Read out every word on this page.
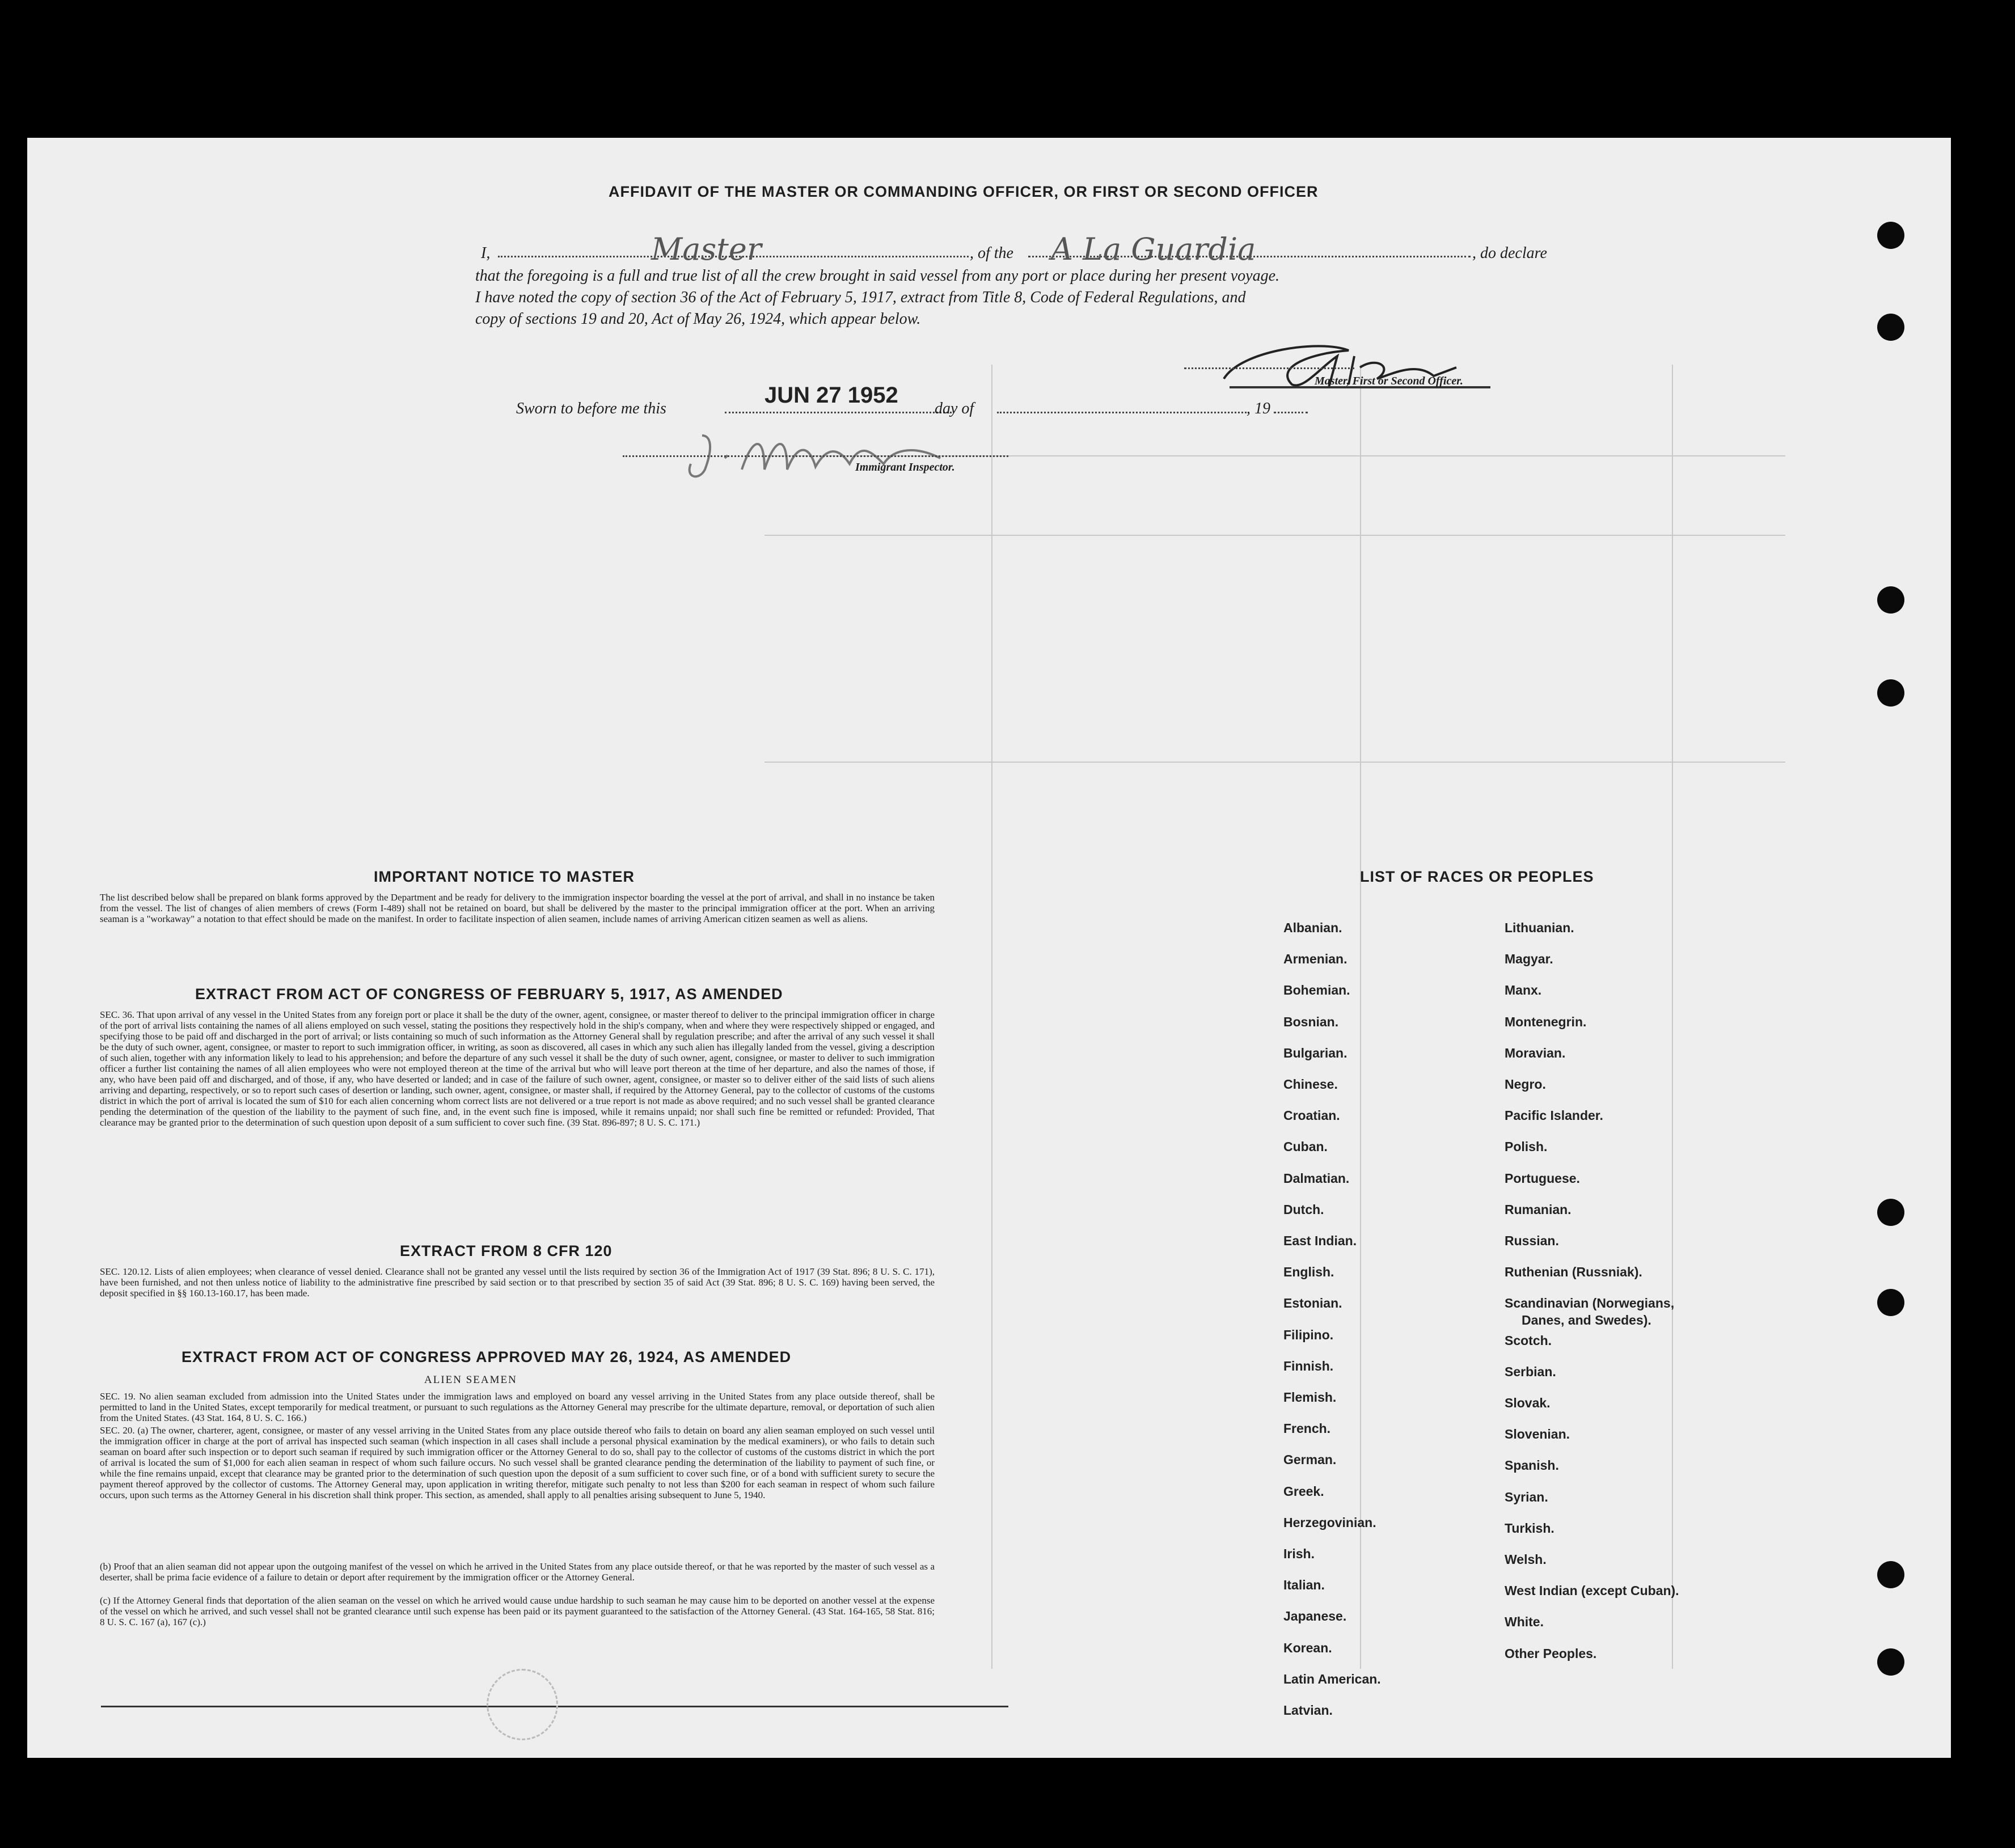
AFFIDAVIT OF THE MASTER OR COMMANDING OFFICER, OR FIRST OR SECOND OFFICER
I,	Master	, of the A La Guardia	, do declare
that the foregoing is a full and true list of all the crew brought in said vessel from any port or place during her present voyage.
I have noted the copy of section 36 of the Act of February 5, 1917, extract from Title 8, Code of Federal Regulations, and
copy of sections 19 and 20, Act of May 26, 1924, which appear below.
Master, First or Second Officer.
Sworn to before me this
JUN 27 1952
day of	, 19
Immigrant Inspector.
IMPORTANT NOTICE TO MASTER
The list described below shall be prepared on blank forms approved by the Department and be ready for delivery to the immigration inspector boarding the vessel at the port of arrival, and shall in no instance be taken from the vessel. The list of changes of alien members of crews (Form I-489) shall not be retained on board, but shall be delivered by the master to the principal immigration officer at the port. When an arriving seaman is a "workaway" a notation to that effect should be made on the manifest. In order to facilitate inspection of alien seamen, include names of arriving American citizen seamen as well as aliens.
EXTRACT FROM ACT OF CONGRESS OF FEBRUARY 5, 1917, AS AMENDED
SEC. 36. That upon arrival of any vessel in the United States from any foreign port or place it shall be the duty of the owner, agent, consignee, or master thereof to deliver to the principal immigration officer in charge of the port of arrival lists containing the names of all aliens employed on such vessel, stating the positions they respectively hold in the ship's company, when and where they were respectively shipped or engaged, and specifying those to be paid off and discharged in the port of arrival; or lists containing so much of such information as the Attorney General shall by regulation prescribe; and after the arrival of any such vessel it shall be the duty of such owner, agent, consignee, or master to report to such immigration officer, in writing, as soon as discovered, all cases in which any such alien has illegally landed from the vessel, giving a description of such alien, together with any information likely to lead to his apprehension; and before the departure of any such vessel it shall be the duty of such owner, agent, consignee, or master to deliver to such immigration officer a further list containing the names of all alien employees who were not employed thereon at the time of the arrival but who will leave port thereon at the time of her departure, and also the names of those, if any, who have been paid off and discharged, and of those, if any, who have deserted or landed; and in case of the failure of such owner, agent, consignee, or master so to deliver either of the said lists of such aliens arriving and departing, respectively, or so to report such cases of desertion or landing, such owner, agent, consignee, or master shall, if required by the Attorney General, pay to the collector of customs of the customs district in which the port of arrival is located the sum of $10 for each alien concerning whom correct lists are not delivered or a true report is not made as above required; and no such vessel shall be granted clearance pending the determination of the question of the liability to the payment of such fine, and, in the event such fine is imposed, while it remains unpaid; nor shall such fine be remitted or refunded: Provided, That clearance may be granted prior to the determination of such question upon deposit of a sum sufficient to cover such fine. (39 Stat. 896-897; 8 U. S. C. 171.)
EXTRACT FROM 8 CFR 120
SEC. 120.12. Lists of alien employees; when clearance of vessel denied. Clearance shall not be granted any vessel until the lists required by section 36 of the Immigration Act of 1917 (39 Stat. 896; 8 U. S. C. 171), have been furnished, and not then unless notice of liability to the administrative fine prescribed by said section or to that prescribed by section 35 of said Act (39 Stat. 896; 8 U. S. C. 169) having been served, the deposit specified in §§ 160.13-160.17, has been made.
EXTRACT FROM ACT OF CONGRESS APPROVED MAY 26, 1924, AS AMENDED
ALIEN SEAMEN
SEC. 19. No alien seaman excluded from admission into the United States under the immigration laws and employed on board any vessel arriving in the United States from any place outside thereof, shall be permitted to land in the United States, except temporarily for medical treatment, or pursuant to such regulations as the Attorney General may prescribe for the ultimate departure, removal, or deportation of such alien from the United States. (43 Stat. 164, 8 U. S. C. 166.)
SEC. 20. (a) The owner, charterer, agent, consignee, or master of any vessel arriving in the United States from any place outside thereof who fails to detain on board any alien seaman employed on such vessel until the immigration officer in charge at the port of arrival has inspected such seaman (which inspection in all cases shall include a personal physical examination by the medical examiners), or who fails to detain such seaman on board after such inspection or to deport such seaman if required by such immigration officer or the Attorney General to do so, shall pay to the collector of customs of the customs district in which the port of arrival is located the sum of $1,000 for each alien seaman in respect of whom such failure occurs. No such vessel shall be granted clearance pending the determination of the liability to payment of such fine, or while the fine remains unpaid, except that clearance may be granted prior to the determination of such question upon the deposit of a sum sufficient to cover such fine, or of a bond with sufficient surety to secure the payment thereof approved by the collector of customs. The Attorney General may, upon application in writing therefor, mitigate such penalty to not less than $200 for each seaman in respect of whom such failure occurs, upon such terms as the Attorney General in his discretion shall think proper. This section, as amended, shall apply to all penalties arising subsequent to June 5, 1940.
(b) Proof that an alien seaman did not appear upon the outgoing manifest of the vessel on which he arrived in the United States from any place outside thereof, or that he was reported by the master of such vessel as a deserter, shall be prima facie evidence of a failure to detain or deport after requirement by the immigration officer or the Attorney General.
(c) If the Attorney General finds that deportation of the alien seaman on the vessel on which he arrived would cause undue hardship to such seaman he may cause him to be deported on another vessel at the expense of the vessel on which he arrived, and such vessel shall not be granted clearance until such expense has been paid or its payment guaranteed to the satisfaction of the Attorney General. (43 Stat. 164-165, 58 Stat. 816; 8 U. S. C. 167 (a), 167 (c).)
LIST OF RACES OR PEOPLES
Albanian.
Armenian.
Bohemian.
Bosnian.
Bulgarian.
Chinese.
Croatian.
Cuban.
Dalmatian.
Dutch.
East Indian.
English.
Estonian.
Filipino.
Finnish.
Flemish.
French.
German.
Greek.
Herzegovinian.
Irish.
Italian.
Japanese.
Korean.
Latin American.
Latvian.
Lithuanian.
Magyar.
Manx.
Montenegrin.
Moravian.
Negro.
Pacific Islander.
Polish.
Portuguese.
Rumanian.
Russian.
Ruthenian (Russniak).
Scandinavian (Norwegians,
Danes, and Swedes).
Scotch.
Serbian.
Slovak.
Slovenian.
Spanish.
Syrian.
Turkish.
Welsh.
West Indian (except Cuban).
White.
Other Peoples.
